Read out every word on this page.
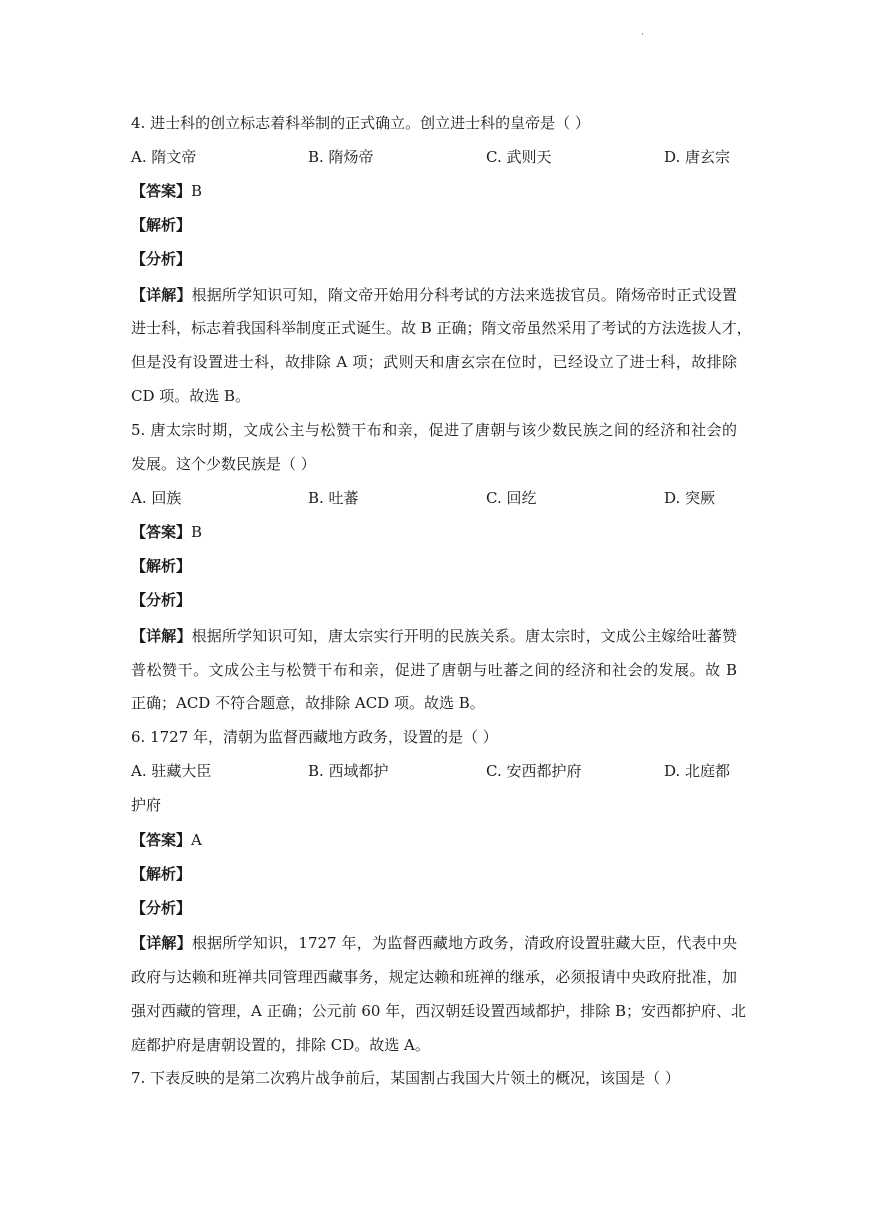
·
4. 进士科的创立标志着科举制的正式确立。创立进士科的皇帝是（ ）
A. 隋文帝	B. 隋炀帝	C. 武则天	D. 唐玄宗
【答案】B
【解析】
【分析】
【详解】根据所学知识可知，隋文帝开始用分科考试的方法来选拔官员。隋炀帝时正式设置
进士科，标志着我国科举制度正式诞生。故 B 正确；隋文帝虽然采用了考试的方法选拔人才，
但是没有设置进士科，故排除 A 项；武则天和唐玄宗在位时，已经设立了进士科，故排除
CD 项。故选 B。
5. 唐太宗时期，文成公主与松赞干布和亲，促进了唐朝与该少数民族之间的经济和社会的
发展。这个少数民族是（ ）
A. 回族	B. 吐蕃	C. 回纥	D. 突厥
【答案】B
【解析】
【分析】
【详解】根据所学知识可知，唐太宗实行开明的民族关系。唐太宗时，文成公主嫁给吐蕃赞
普松赞干。文成公主与松赞干布和亲，促进了唐朝与吐蕃之间的经济和社会的发展。故 B
正确；ACD 不符合题意，故排除 ACD 项。故选 B。
6. 1727 年，清朝为监督西藏地方政务，设置的是（ ）
A. 驻藏大臣	B. 西域都护	C. 安西都护府	D. 北庭都
护府
【答案】A
【解析】
【分析】
【详解】根据所学知识，1727 年，为监督西藏地方政务，清政府设置驻藏大臣，代表中央
政府与达赖和班禅共同管理西藏事务，规定达赖和班禅的继承，必须报请中央政府批准，加
强对西藏的管理，A 正确；公元前 60 年，西汉朝廷设置西域都护，排除 B；安西都护府、北
庭都护府是唐朝设置的，排除 CD。故选 A。
7. 下表反映的是第二次鸦片战争前后，某国割占我国大片领土的概况，该国是（ ）
